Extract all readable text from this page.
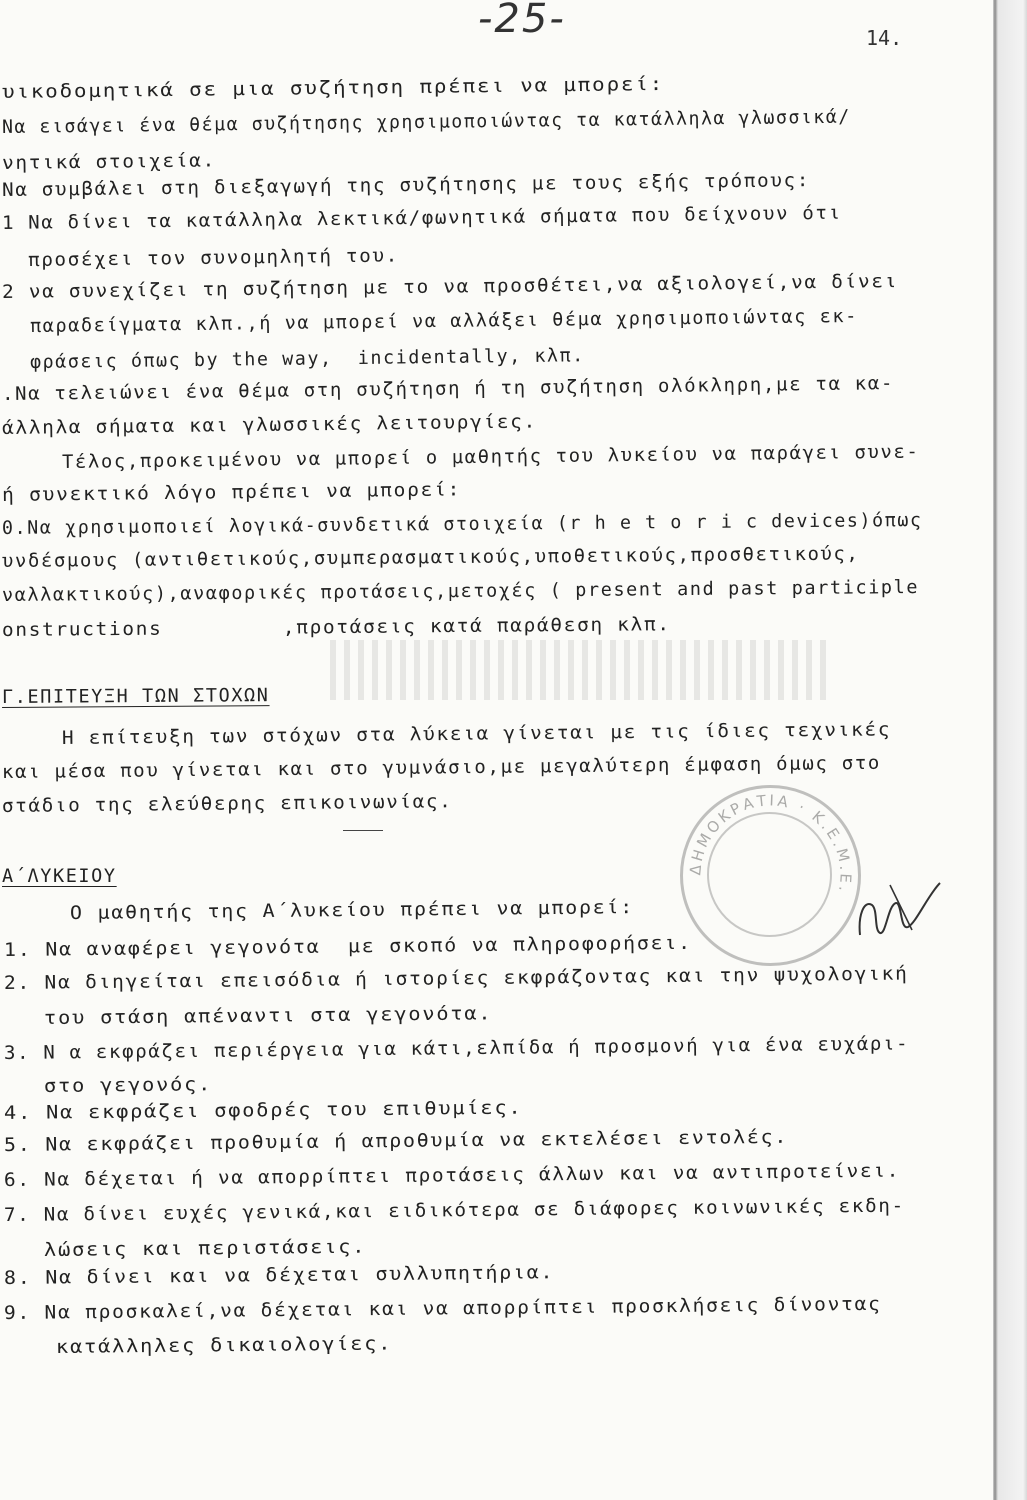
-25-	14.
υικοδομητικά σε μια συζήτηση πρέπει να μπορεί:
Να εισάγει ένα θέμα συζήτησης χρησιμοποιώντας τα κατάλληλα γλωσσικά/
νητικά στοιχεία.
Να συμβάλει στη διεξαγωγή της συζήτησης με τους εξής τρόπους:
1 Να δίνει τα κατάλληλα λεκτικά/φωνητικά σήματα που δείχνουν ότι
προσέχει τον συνομηλητή του.
2 να συνεχίζει τη συζήτηση με το να προσθέτει,να αξιολογεί,να δίνει
παραδείγματα κλπ.,ή να μπορεί να αλλάξει θέμα χρησιμοποιώντας εκ-
φράσεις όπως by the way,  incidentally, κλπ.
.Να τελειώνει ένα θέμα στη συζήτηση ή τη συζήτηση ολόκληρη,με τα κα-
άλληλα σήματα και γλωσσικές λειτουργίες.
Τέλος,προκειμένου να μπορεί ο μαθητής του λυκείου να παράγει συνε-
ή συνεκτικό λόγο πρέπει να μπορεί:
0.Να χρησιμοποιεί λογικά-συνδετικά στοιχεία (r h e t o r i c devices)όπως
υνδέσμους (αντιθετικούς,συμπερασματικούς,υποθετικούς,προσθετικούς,
ναλλακτικούς),αναφορικές προτάσεις,μετοχές ( present and past participle
onstructions         ,προτάσεις κατά παράθεση κλπ.
Γ.ΕΠΙΤΕΥΞΗ ΤΩΝ ΣΤΟΧΩΝ
Η επίτευξη των στόχων στα λύκεια γίνεται με τις ίδιες τεχνικές
και μέσα που γίνεται και στο γυμνάσιο,με μεγαλύτερη έμφαση όμως στο
στάδιο της ελεύθερης επικοινωνίας.
Α΄ΛΥΚΕΙΟΥ
Ο μαθητής της Α΄λυκείου πρέπει να μπορεί:
1. Να αναφέρει γεγονότα  με σκοπό να πληροφορήσει.
2. Να διηγείται επεισόδια ή ιστορίες εκφράζοντας και την ψυχολογική
του στάση απέναντι στα γεγονότα.
3. Ν α εκφράζει περιέργεια για κάτι,ελπίδα ή προσμονή για ένα ευχάρι-
στο γεγονός.
4. Να εκφράζει σφοδρές του επιθυμίες.
5. Να εκφράζει προθυμία ή απροθυμία να εκτελέσει εντολές.
6. Να δέχεται ή να απορρίπτει προτάσεις άλλων και να αντιπροτείνει.
7. Να δίνει ευχές γενικά,και ειδικότερα σε διάφορες κοινωνικές εκδη-
λώσεις και περιστάσεις.
8. Να δίνει και να δέχεται συλλυπητήρια.
9. Να προσκαλεί,να δέχεται και να απορρίπτει προσκλήσεις δίνοντας
κατάλληλες δικαιολογίες.
ΔΗΜΟΚΡΑΤΙΑ · Κ.Ε.Μ.Ε.
